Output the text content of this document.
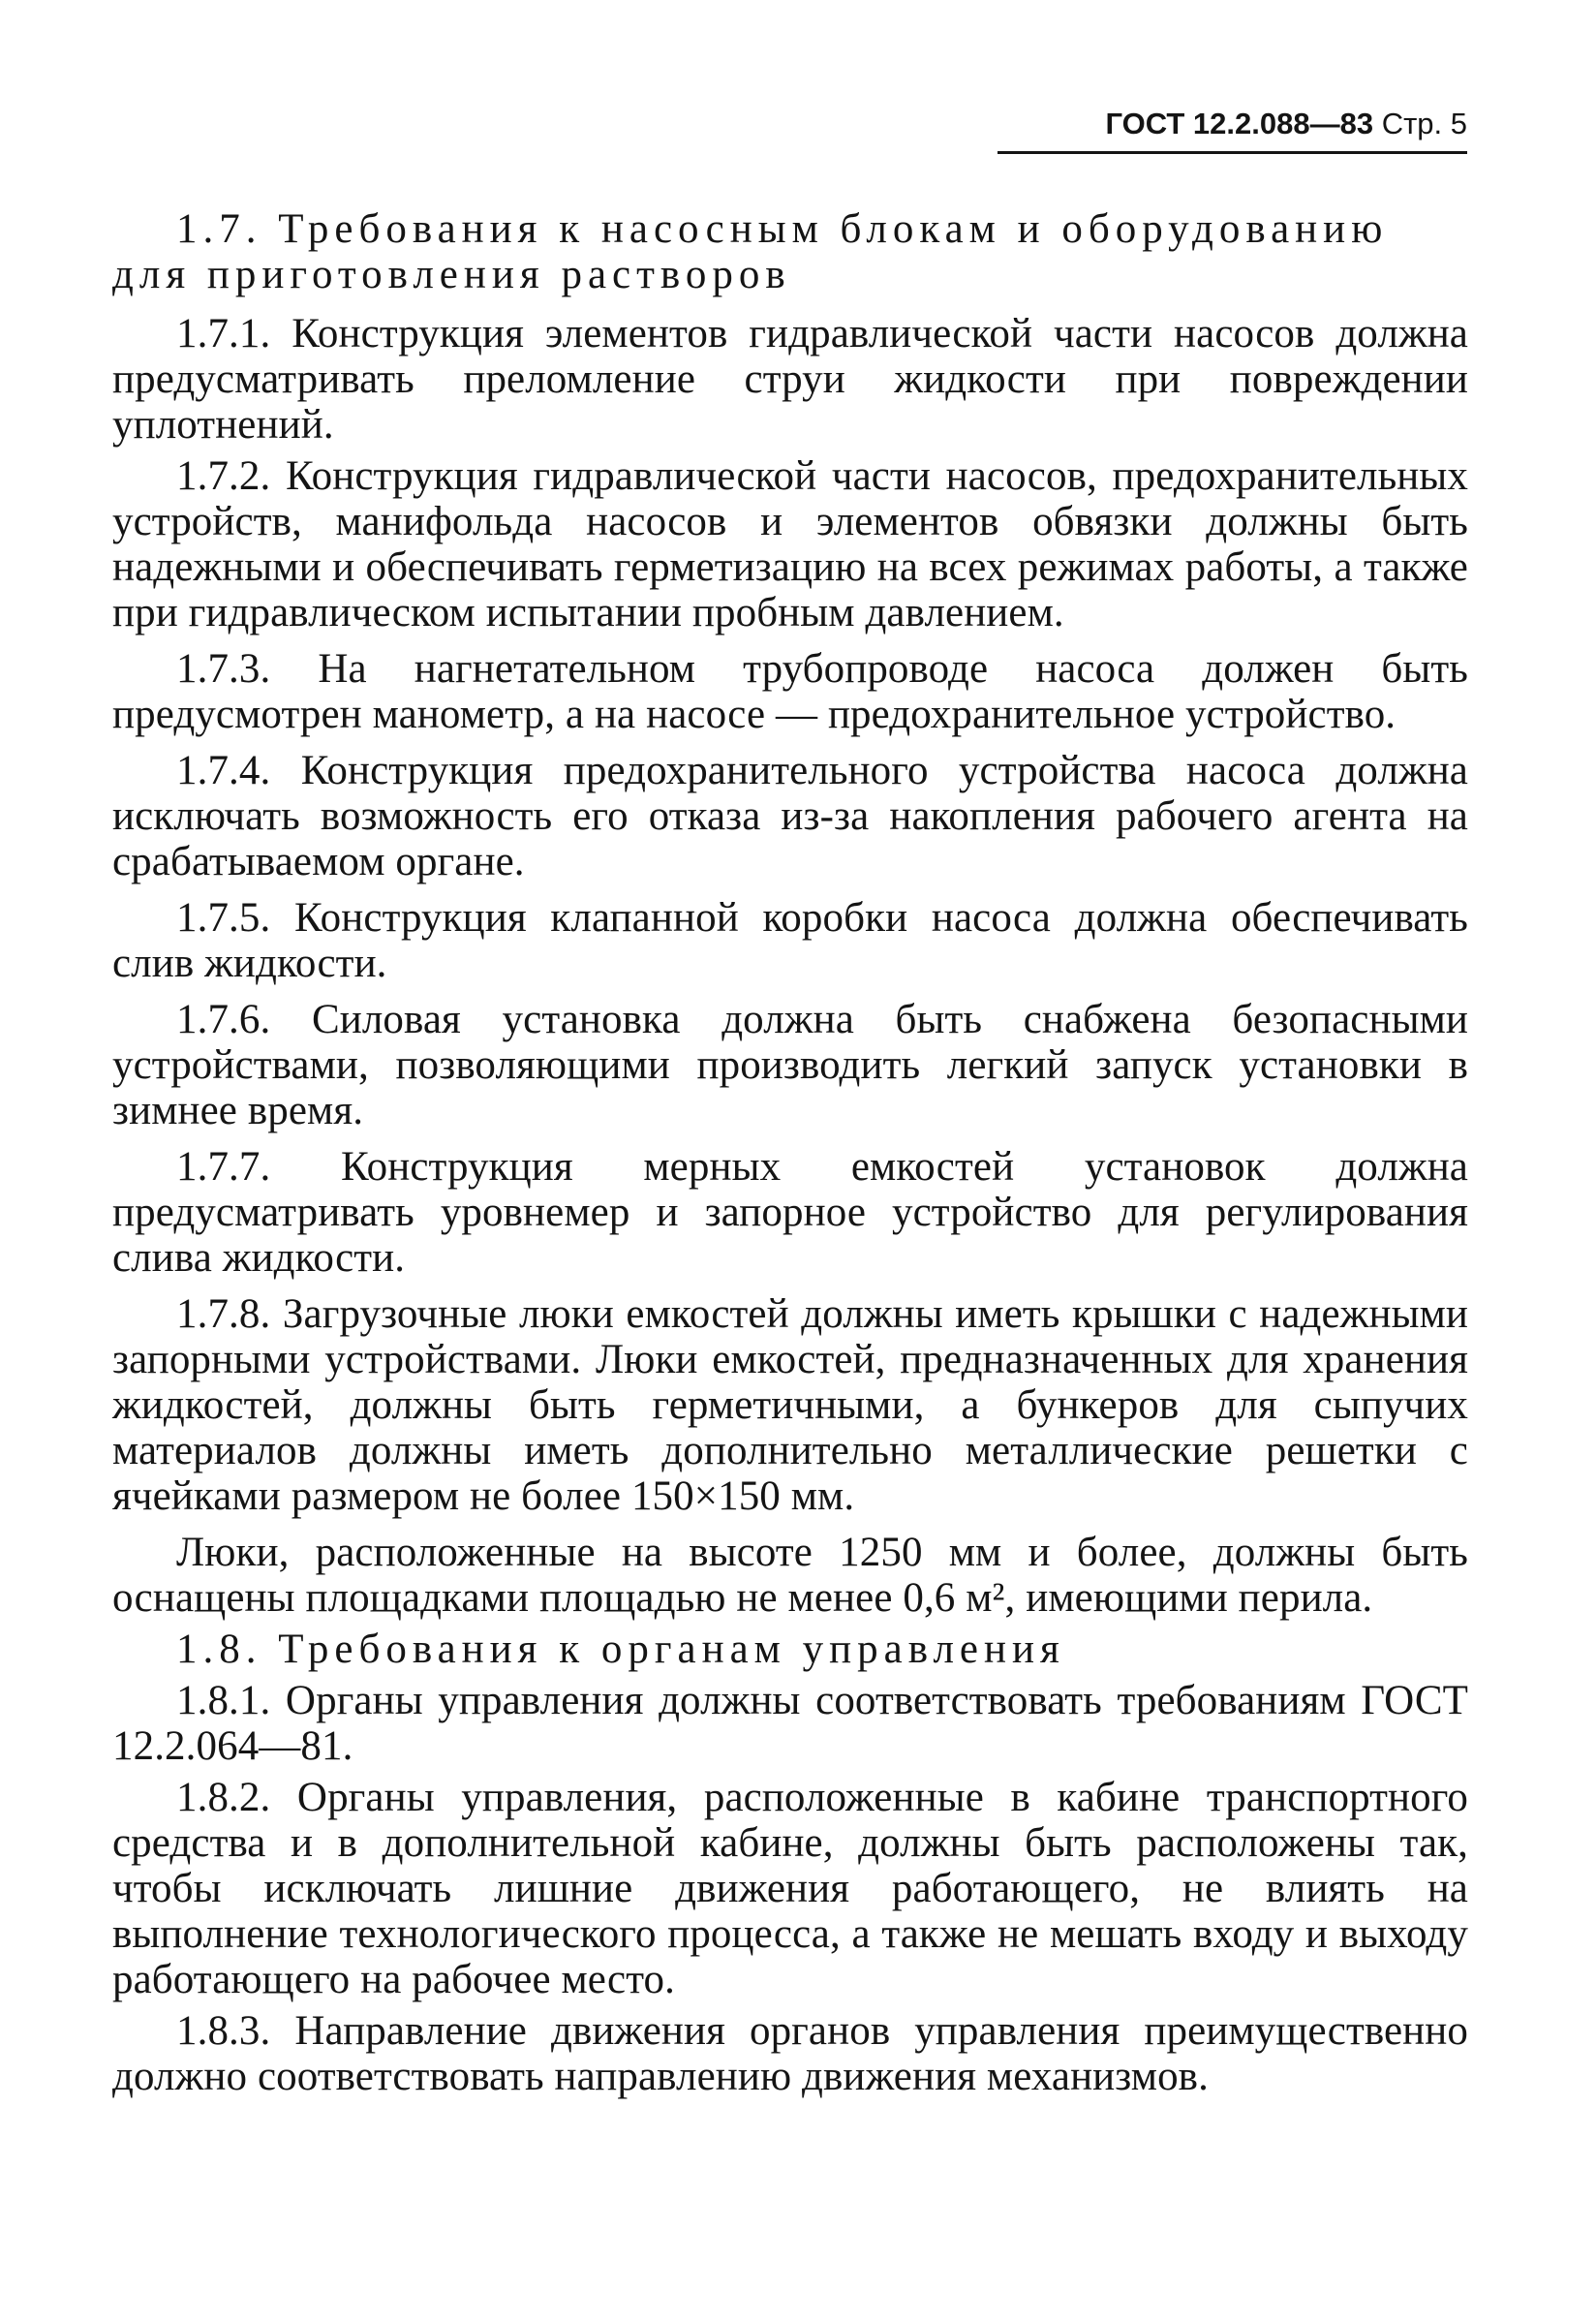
ГОСТ 12.2.088—83 Стр. 5

1.7. Требования к насосным блокам и оборудованию для приготовления растворов

1.7.1. Конструкция элементов гидравлической части насосов должна предусматривать преломление струи жидкости при повреждении уплотнений.

1.7.2. Конструкция гидравлической части насосов, предохранительных устройств, манифольда насосов и элементов обвязки должны быть надежными и обеспечивать герметизацию на всех режимах работы, а также при гидравлическом испытании пробным давлением.

1.7.3. На нагнетательном трубопроводе насоса должен быть предусмотрен манометр, а на насосе — предохранительное устройство.

1.7.4. Конструкция предохранительного устройства насоса должна исключать возможность его отказа из-за накопления рабочего агента на срабатываемом органе.

1.7.5. Конструкция клапанной коробки насоса должна обеспечивать слив жидкости.

1.7.6. Силовая установка должна быть снабжена безопасными устройствами, позволяющими производить легкий запуск установки в зимнее время.

1.7.7. Конструкция мерных емкостей установок должна предусматривать уровнемер и запорное устройство для регулирования слива жидкости.

1.7.8. Загрузочные люки емкостей должны иметь крышки с надежными запорными устройствами. Люки емкостей, предназначенных для хранения жидкостей, должны быть герметичными, а бункеров для сыпучих материалов должны иметь дополнительно металлические решетки с ячейками размером не более 150×150 мм.

Люки, расположенные на высоте 1250 мм и более, должны быть оснащены площадками площадью не менее 0,6 м², имеющими перила.

1.8. Требования к органам управления

1.8.1. Органы управления должны соответствовать требованиям ГОСТ 12.2.064—81.

1.8.2. Органы управления, расположенные в кабине транспортного средства и в дополнительной кабине, должны быть расположены так, чтобы исключать лишние движения работающего, не влиять на выполнение технологического процесса, а также не мешать входу и выходу работающего на рабочее место.

1.8.3. Направление движения органов управления преимущественно должно соответствовать направлению движения механизмов.
